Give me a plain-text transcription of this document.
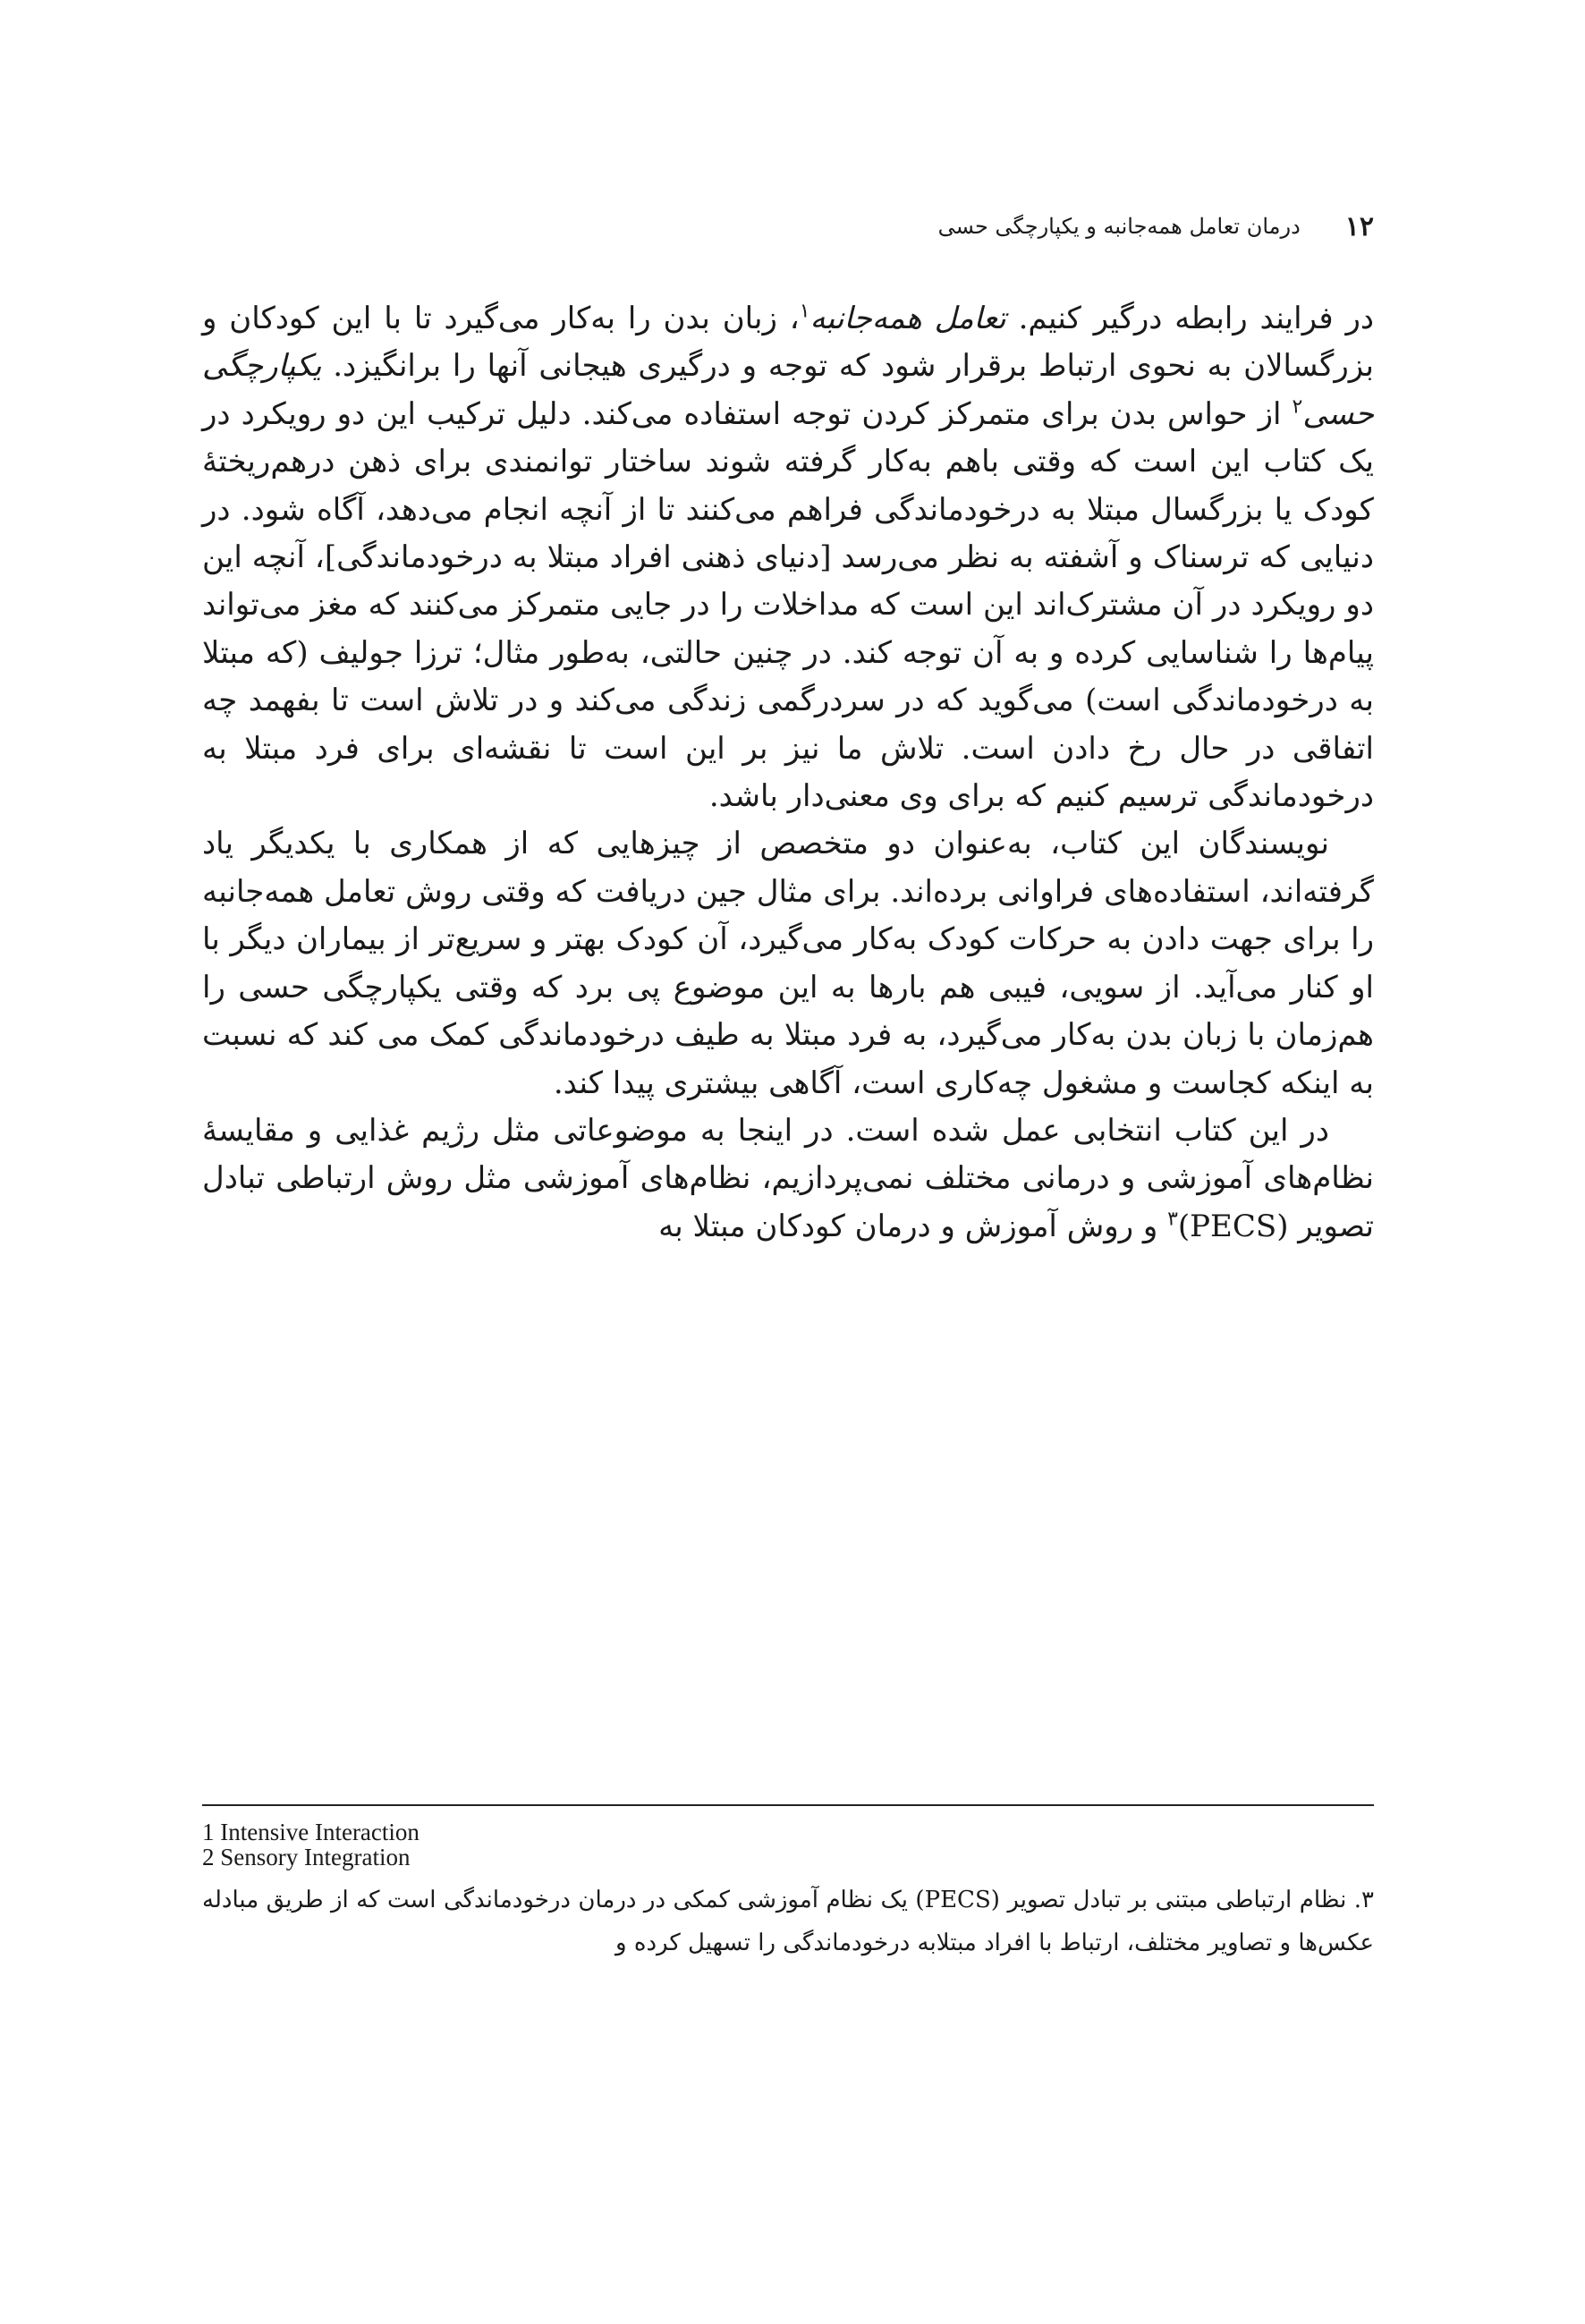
۱۲
درمان تعامل همه‌جانبه و یکپارچگی حسی

در فرایند رابطه درگیر کنیم. تعامل همه‌جانبه$^۱$، زبان بدن را به‌کار می‌گیرد تا با این کودکان و بزرگسالان به نحوی ارتباط برقرار شود که توجه و درگیری هیجانی آنها را برانگیزد. یکپارچگی حسی$^۲$ از حواس بدن برای متمرکز کردن توجه استفاده می‌کند. دلیل ترکیب این دو رویکرد در یک کتاب این است که وقتی باهم به‌کار گرفته شوند ساختار توانمندی برای ذهن درهم‌ریختهٔ کودک یا بزرگسال مبتلا به درخودماندگی فراهم می‌کنند تا از آنچه انجام می‌دهد، آگاه شود. در دنیایی که ترسناک و آشفته به نظر می‌رسد [دنیای ذهنی افراد مبتلا به درخودماندگی]، آنچه این دو رویکرد در آن مشترک‌اند این است که مداخلات را در جایی متمرکز می‌کنند که مغز می‌تواند پیام‌ها را شناسایی کرده و به آن توجه کند. در چنین حالتی، به‌طور مثال؛ ترزا جولیف (که مبتلا به درخودماندگی است) می‌گوید که در سردرگمی زندگی می‌کند و در تلاش است تا بفهمد چه اتفاقی در حال رخ دادن است. تلاش ما نیز بر این است تا نقشه‌ای برای فرد مبتلا به درخودماندگی ترسیم کنیم که برای وی معنی‌دار باشد.

نویسندگان این کتاب، به‌عنوان دو متخصص از چیزهایی که از همکاری با یکدیگر یاد گرفته‌اند، استفاده‌های فراوانی برده‌اند. برای مثال جین دریافت که وقتی روش تعامل همه‌جانبه را برای جهت دادن به حرکات کودک به‌کار می‌گیرد، آن کودک بهتر و سریع‌تر از بیماران دیگر با او کنار می‌آید. از سویی، فیبی هم بارها به این موضوع پی برد که وقتی یکپارچگی حسی را هم‌زمان با زبان بدن به‌کار می‌گیرد، به فرد مبتلا به طیف درخودماندگی کمک می کند که نسبت به اینکه کجاست و مشغول چه‌کاری است، آگاهی بیشتری پیدا کند.

در این کتاب انتخابی عمل شده است. در اینجا به موضوعاتی مثل رژیم غذایی و مقایسهٔ نظام‌های آموزشی و درمانی مختلف نمی‌پردازیم، نظام‌های آموزشی مثل روش ارتباطی تبادل تصویر (PECS)$^۳$ و روش آموزش و درمان کودکان مبتلا به

1 Intensive Interaction
2 Sensory Integration
۳. نظام ارتباطی مبتنی بر تبادل تصویر (PECS) یک نظام آموزشی کمکی در درمان درخودماندگی است که از طریق مبادله عکس‌ها و تصاویر مختلف، ارتباط با افراد مبتلابه درخودماندگی را تسهیل کرده و
